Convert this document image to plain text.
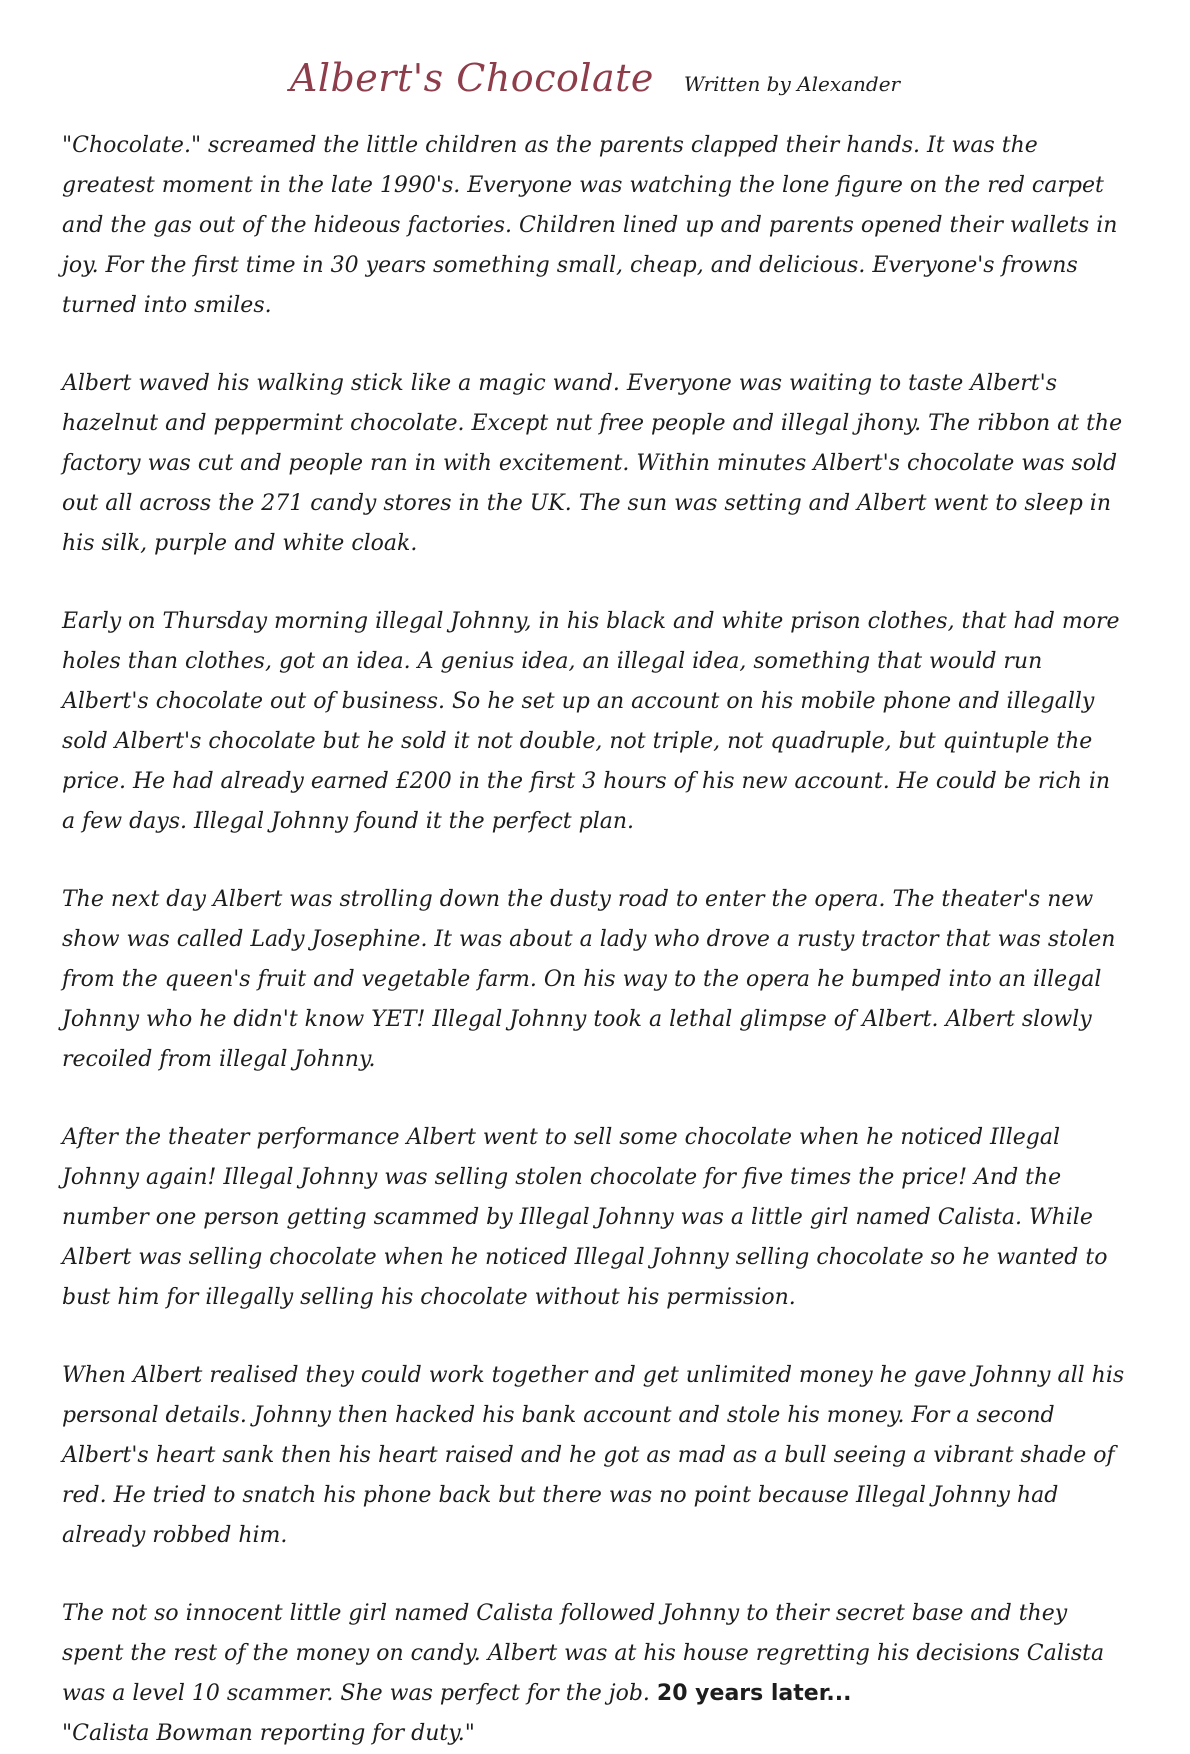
Albert's Chocolate Written by Alexander

"Chocolate." screamed the little children as the parents clapped their hands. It was the greatest moment in the late 1990's. Everyone was watching the lone figure on the red carpet and the gas out of the hideous factories. Children lined up and parents opened their wallets in joy. For the first time in 30 years something small, cheap, and delicious. Everyone's frowns turned into smiles.

Albert waved his walking stick like a magic wand. Everyone was waiting to taste Albert's hazelnut and peppermint chocolate. Except nut free people and illegal jhony. The ribbon at the factory was cut and people ran in with excitement. Within minutes Albert's chocolate was sold out all across the 271 candy stores in the UK. The sun was setting and Albert went to sleep in his silk, purple and white cloak.

Early on Thursday morning illegal Johnny, in his black and white prison clothes, that had more holes than clothes, got an idea. A genius idea, an illegal idea, something that would run Albert's chocolate out of business. So he set up an account on his mobile phone and illegally sold Albert's chocolate but he sold it not double, not triple, not quadruple, but quintuple the price. He had already earned £200 in the first 3 hours of his new account. He could be rich in a few days. Illegal Johnny found it the perfect plan.

The next day Albert was strolling down the dusty road to enter the opera. The theater's new show was called Lady Josephine. It was about a lady who drove a rusty tractor that was stolen from the queen's fruit and vegetable farm. On his way to the opera he bumped into an illegal Johnny who he didn't know YET! Illegal Johnny took a lethal glimpse of Albert. Albert slowly recoiled from illegal Johnny.

After the theater performance Albert went to sell some chocolate when he noticed Illegal Johnny again! Illegal Johnny was selling stolen chocolate for five times the price! And the number one person getting scammed by Illegal Johnny was a little girl named Calista. While Albert was selling chocolate when he noticed Illegal Johnny selling chocolate so he wanted to bust him for illegally selling his chocolate without his permission.

When Albert realised they could work together and get unlimited money he gave Johnny all his personal details. Johnny then hacked his bank account and stole his money. For a second Albert's heart sank then his heart raised and he got as mad as a bull seeing a vibrant shade of red. He tried to snatch his phone back but there was no point because Illegal Johnny had already robbed him.

The not so innocent little girl named Calista followed Johnny to their secret base and they spent the rest of the money on candy. Albert was at his house regretting his decisions Calista was a level 10 scammer. She was perfect for the job. 20 years later...
"Calista Bowman reporting for duty."
